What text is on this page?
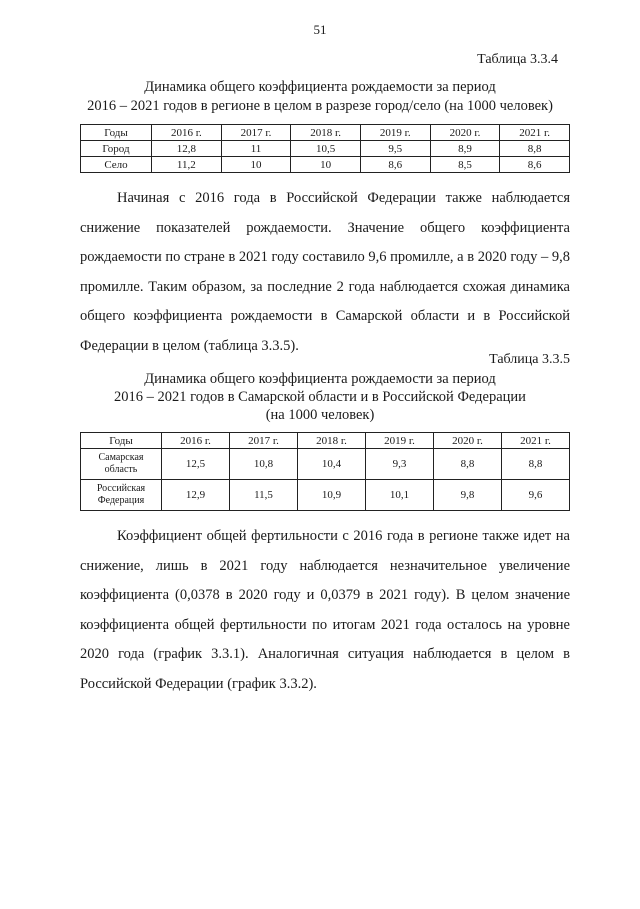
51
Таблица 3.3.4
Динамика общего коэффициента рождаемости за период
2016 – 2021 годов в регионе в целом в разрезе город/село (на 1000 человек)
Годы	2016 г.	2017 г.	2018 г.	2019 г.	2020 г.	2021 г.
Город	12,8	11	10,5	9,5	8,9	8,8
Село	11,2	10	10	8,6	8,5	8,6

Начиная с 2016 года в Российской Федерации также наблюдается снижение показателей рождаемости. Значение общего коэффициента рождаемости по стране в 2021 году составило 9,6 промилле, а в 2020 году – 9,8 промилле. Таким образом, за последние 2 года наблюдается схожая динамика общего коэффициента рождаемости в Самарской области и в Российской Федерации в целом (таблица 3.3.5).

Таблица 3.3.5
Динамика общего коэффициента рождаемости за период
2016 – 2021 годов в Самарской области и в Российской Федерации
(на 1000 человек)
Годы	2016 г.	2017 г.	2018 г.	2019 г.	2020 г.	2021 г.

Самарская
область	12,5	10,8	10,4	9,3	8,8	8,8

Российская
Федерация	12,9	11,5	10,9	10,1	9,8	9,6

Коэффициент общей фертильности с 2016 года в регионе также идет на снижение, лишь в 2021 году наблюдается незначительное увеличение коэффициента (0,0378 в 2020 году и 0,0379 в 2021 году). В целом значение коэффициента общей фертильности по итогам 2021 года осталось на уровне 2020 года (график 3.3.1). Аналогичная ситуация наблюдается в целом в Российской Федерации (график 3.3.2).
